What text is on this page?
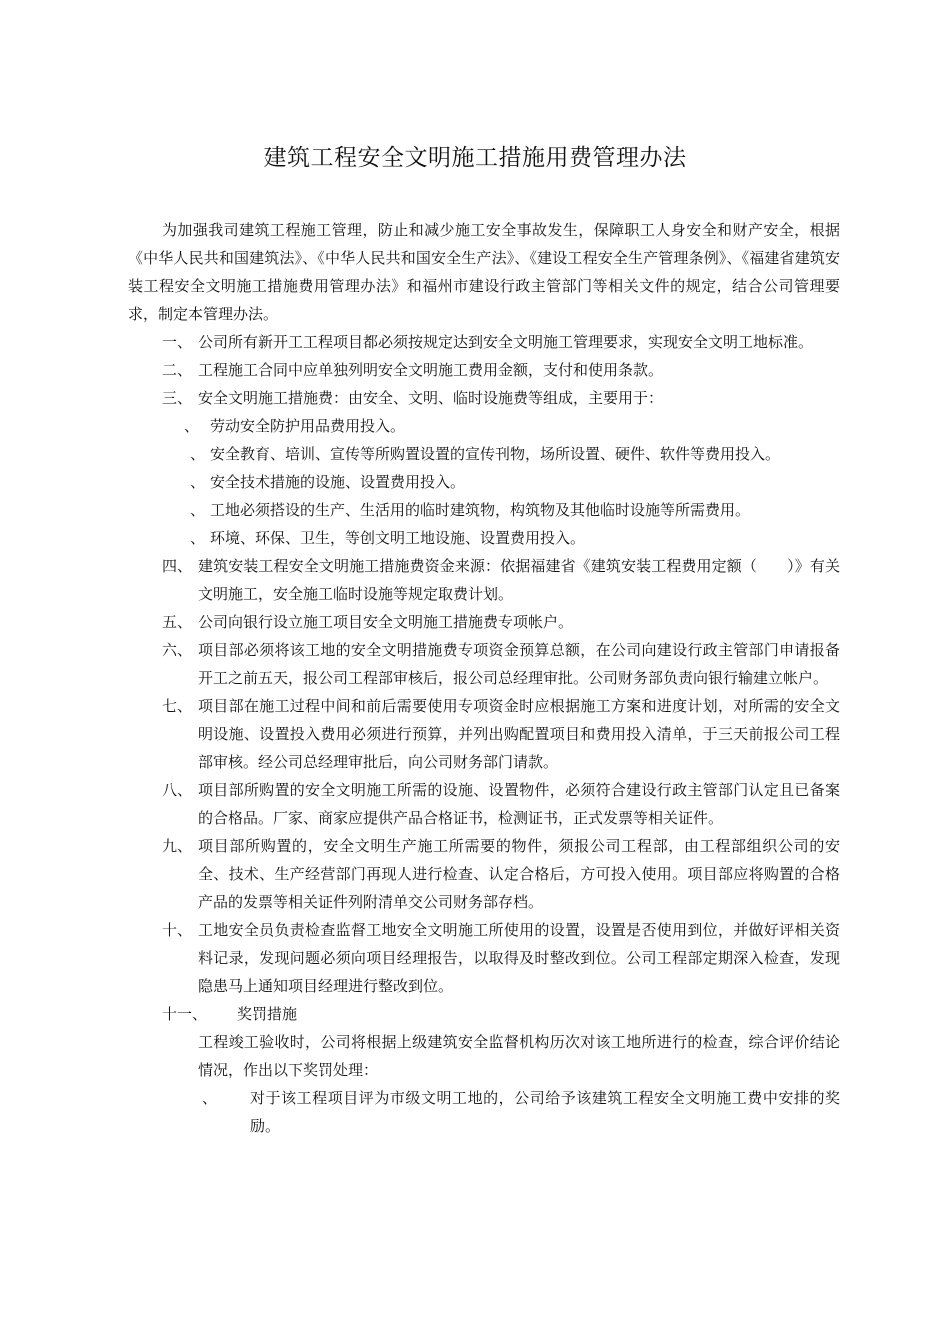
建筑工程安全文明施工措施用费管理办法

为加强我司建筑工程施工管理，防止和减少施工安全事故发生，保障职工人身安全和财产安全，根据《中华人民共和国建筑法》、《中华人民共和国安全生产法》、《建设工程安全生产管理条例》、《福建省建筑安装工程安全文明施工措施费用管理办法》和福州市建设行政主管部门等相关文件的规定，结合公司管理要求，制定本管理办法。

一、 公司所有新开工工程项目都必须按规定达到安全文明施工管理要求，实现安全文明工地标准。

二、 工程施工合同中应单独列明安全文明施工费用金额，支付和使用条款。

三、 安全文明施工措施费：由安全、文明、临时设施费等组成，主要用于：

、 劳动安全防护用品费用投入。

、 安全教育、培训、宣传等所购置设置的宣传刊物，场所设置、硬件、软件等费用投入。

、 安全技术措施的设施、设置费用投入。

、 工地必须搭设的生产、生活用的临时建筑物，构筑物及其他临时设施等所需费用。

、 环境、环保、卫生，等创文明工地设施、设置费用投入。

四、 建筑安装工程安全文明施工措施费资金来源：依据福建省《建筑安装工程费用定额（　　）》有关文明施工，安全施工临时设施等规定取费计划。

五、 公司向银行设立施工项目安全文明施工措施费专项帐户。

六、 项目部必须将该工地的安全文明措施费专项资金预算总额，在公司向建设行政主管部门申请报备开工之前五天，报公司工程部审核后，报公司总经理审批。公司财务部负责向银行输建立帐户。

七、 项目部在施工过程中间和前后需要使用专项资金时应根据施工方案和进度计划，对所需的安全文明设施、设置投入费用必须进行预算，并列出购配置项目和费用投入清单，于三天前报公司工程部审核。经公司总经理审批后，向公司财务部门请款。

八、 项目部所购置的安全文明施工所需的设施、设置物件，必须符合建设行政主管部门认定且已备案的合格品。厂家、商家应提供产品合格证书，检测证书，正式发票等相关证件。

九、 项目部所购置的，安全文明生产施工所需要的物件，须报公司工程部，由工程部组织公司的安全、技术、生产经营部门再现人进行检查、认定合格后，方可投入使用。项目部应将购置的合格产品的发票等相关证件列附清单交公司财务部存档。

十、 工地安全员负责检查监督工地安全文明施工所使用的设置，设置是否使用到位，并做好评相关资料记录，发现问题必须向项目经理报告，以取得及时整改到位。公司工程部定期深入检查，发现隐患马上通知项目经理进行整改到位。

十一、 奖罚措施

工程竣工验收时，公司将根据上级建筑安全监督机构历次对该工地所进行的检查，综合评价结论情况，作出以下奖罚处理：

、 对于该工程项目评为市级文明工地的，公司给予该建筑工程安全文明施工费中安排的奖励。
